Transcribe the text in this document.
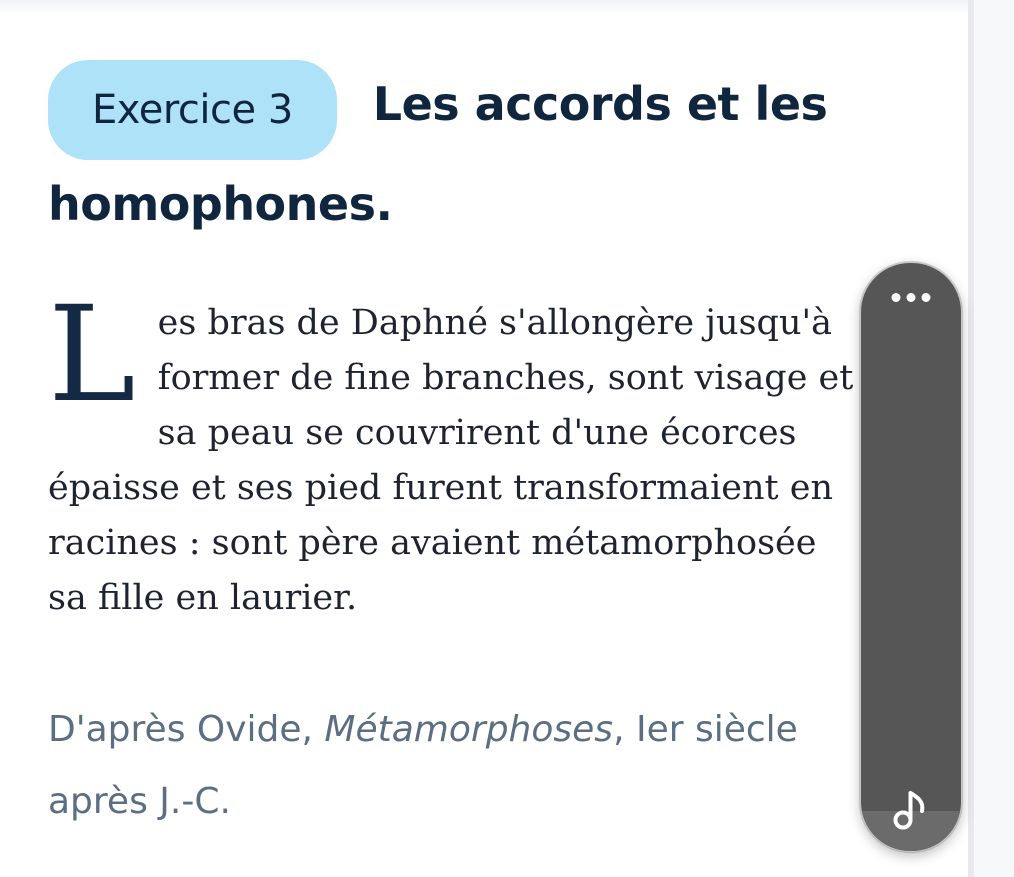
Exercice 3 Les accords et les homophones.

Les bras de Daphné s'allongère jusqu'à
former de fine branches, sont visage et
sa peau se couvrirent d'une écorces
épaisse et ses pied furent transformaient en
racines : sont père avaient métamorphosée
sa fille en laurier.

D'après Ovide, Métamorphoses, Ier siècle après J.-C.
